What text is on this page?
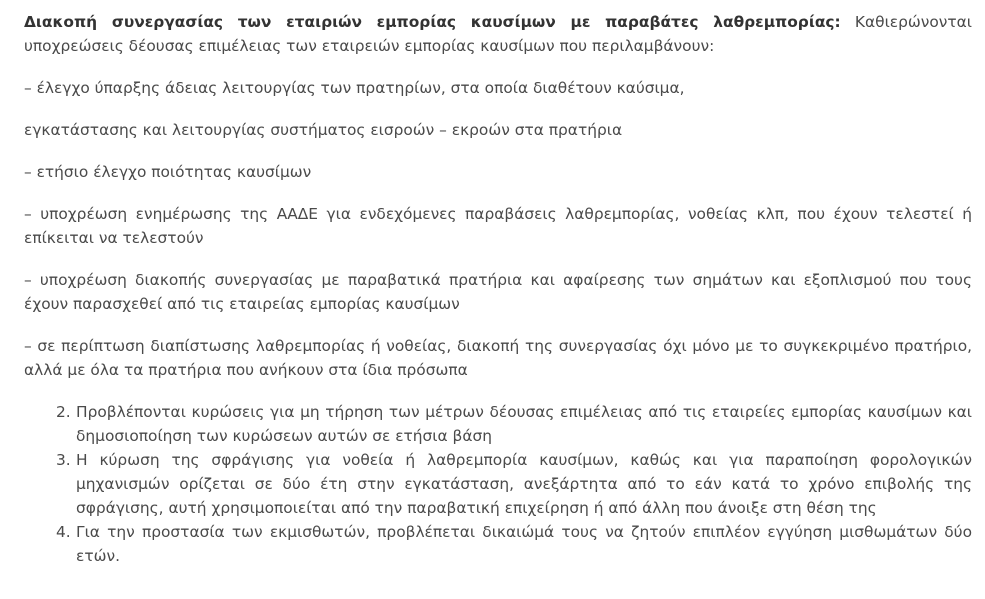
Διακοπή συνεργασίας των εταιριών εμπορίας καυσίμων με παραβάτες λαθρεμπορίας: Καθιερώνονται υποχρεώσεις δέουσας επιμέλειας των εταιρειών εμπορίας καυσίμων που περιλαμβάνουν:

– έλεγχο ύπαρξης άδειας λειτουργίας των πρατηρίων, στα οποία διαθέτουν καύσιμα,

εγκατάστασης και λειτουργίας συστήματος εισροών – εκροών στα πρατήρια

– ετήσιο έλεγχο ποιότητας καυσίμων

– υποχρέωση ενημέρωσης της ΑΑΔΕ για ενδεχόμενες παραβάσεις λαθρεμπορίας, νοθείας κλπ, που έχουν τελεστεί ή επίκειται να τελεστούν

– υποχρέωση διακοπής συνεργασίας με παραβατικά πρατήρια και αφαίρεσης των σημάτων και εξοπλισμού που τους έχουν παρασχεθεί από τις εταιρείας εμπορίας καυσίμων

– σε περίπτωση διαπίστωσης λαθρεμπορίας ή νοθείας, διακοπή της συνεργασίας όχι μόνο με το συγκεκριμένο πρατήριο, αλλά με όλα τα πρατήρια που ανήκουν στα ίδια πρόσωπα

2. Προβλέπονται κυρώσεις για μη τήρηση των μέτρων δέουσας επιμέλειας από τις εταιρείες εμπορίας καυσίμων και δημοσιοποίηση των κυρώσεων αυτών σε ετήσια βάση
3. Η κύρωση της σφράγισης για νοθεία ή λαθρεμπορία καυσίμων, καθώς και για παραποίηση φορολογικών μηχανισμών ορίζεται σε δύο έτη στην εγκατάσταση, ανεξάρτητα από το εάν κατά το χρόνο επιβολής της σφράγισης, αυτή χρησιμοποιείται από την παραβατική επιχείρηση ή από άλλη που άνοιξε στη θέση της
4. Για την προστασία των εκμισθωτών, προβλέπεται δικαιώμά τους να ζητούν επιπλέον εγγύηση μισθωμάτων δύο ετών.
